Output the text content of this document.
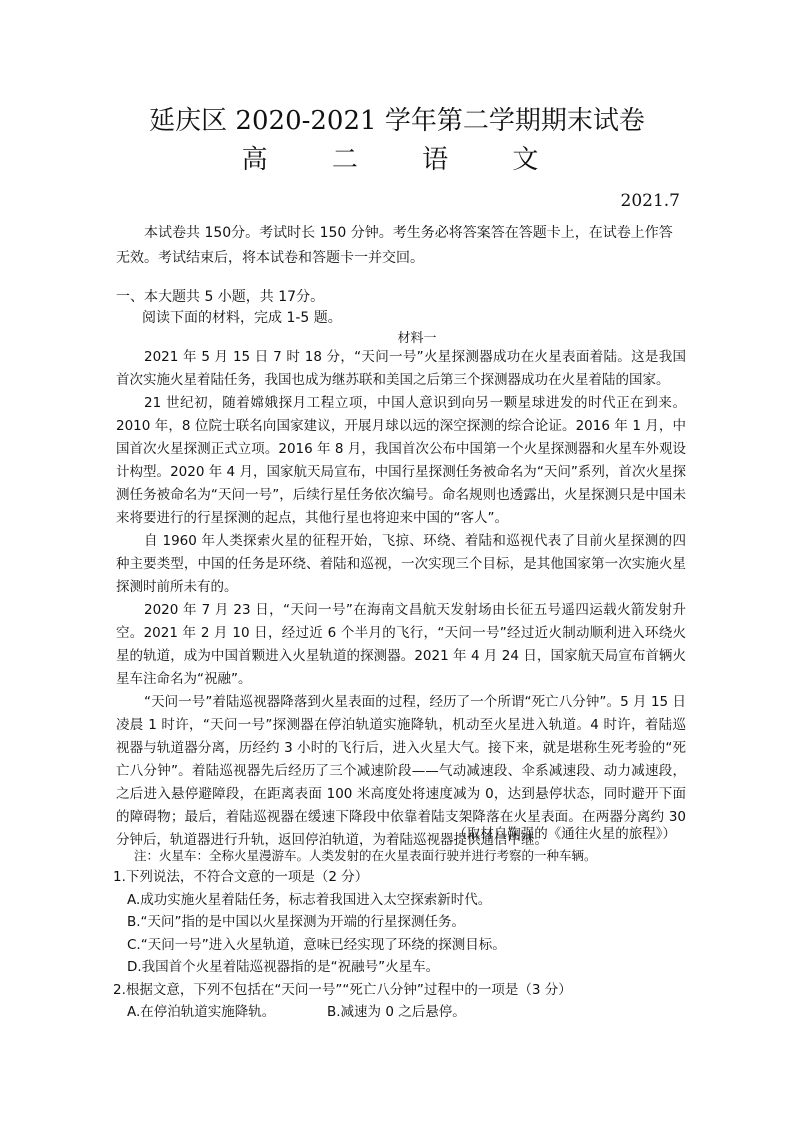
延庆区 2020-2021 学年第二学期期末试卷
高 二 语 文
2021.7
本试卷共 150分。考试时长 150 分钟。考生务必将答案答在答题卡上，在试卷上作答无效。考试结束后，将本试卷和答题卡一并交回。
一、本大题共 5 小题，共 17分。
阅读下面的材料，完成 1-5 题。
材料一

2021 年 5 月 15 日 7 时 18 分，“天问一号”火星探测器成功在火星表面着陆。这是我国首次实施火星着陆任务，我国也成为继苏联和美国之后第三个探测器成功在火星着陆的国家。

21 世纪初，随着嫦娥探月工程立项，中国人意识到向另一颗星球进发的时代正在到来。2010 年，8 位院士联名向国家建议，开展月球以远的深空探测的综合论证。2016 年 1 月，中国首次火星探测正式立项。2016 年 8 月，我国首次公布中国第一个火星探测器和火星车外观设计构型。2020 年 4 月，国家航天局宣布，中国行星探测任务被命名为“天问”系列，首次火星探测任务被命名为“天问一号”，后续行星任务依次编号。命名规则也透露出，火星探测只是中国未来将要进行的行星探测的起点，其他行星也将迎来中国的“客人”。

自 1960 年人类探索火星的征程开始，飞掠、环绕、着陆和巡视代表了目前火星探测的四种主要类型，中国的任务是环绕、着陆和巡视，一次实现三个目标，是其他国家第一次实施火星探测时前所未有的。

2020 年 7 月 23 日，“天问一号”在海南文昌航天发射场由长征五号遥四运载火箭发射升空。2021 年 2 月 10 日，经过近 6 个半月的飞行，“天问一号”经过近火制动顺利进入环绕火星的轨道，成为中国首颗进入火星轨道的探测器。2021 年 4 月 24 日，国家航天局宣布首辆火星车注命名为“祝融”。

“天问一号”着陆巡视器降落到火星表面的过程，经历了一个所谓“死亡八分钟”。5 月 15 日凌晨 1 时许，“天问一号”探测器在停泊轨道实施降轨，机动至火星进入轨道。4 时许，着陆巡视器与轨道器分离，历经约 3 小时的飞行后，进入火星大气。接下来，就是堪称生死考验的“死亡八分钟”。着陆巡视器先后经历了三个减速阶段——气动减速段、伞系减速段、动力减速段，之后进入悬停避障段，在距离表面 100 米高度处将速度减为 0，达到悬停状态，同时避开下面的障碍物；最后，着陆巡视器在缓速下降段中依靠着陆支架降落在火星表面。在两器分离约 30 分钟后，轨道器进行升轨，返回停泊轨道，为着陆巡视器提供通信中继。

（取材自鞠强的《通往火星的旅程》）
注：火星车：全称火星漫游车。人类发射的在火星表面行驶并进行考察的一种车辆。

1.下列说法，不符合文意的一项是（2 分）

A.成功实施火星着陆任务，标志着我国进入太空探索新时代。

B.“天问”指的是中国以火星探测为开端的行星探测任务。

C.“天问一号”进入火星轨道，意味已经实现了环绕的探测目标。

D.我国首个火星着陆巡视器指的是“祝融号”火星车。

2.根据文意，下列不包括在“天问一号”“死亡八分钟”过程中的一项是（3 分）

A.在停泊轨道实施降轨。	B.减速为 0 之后悬停。
